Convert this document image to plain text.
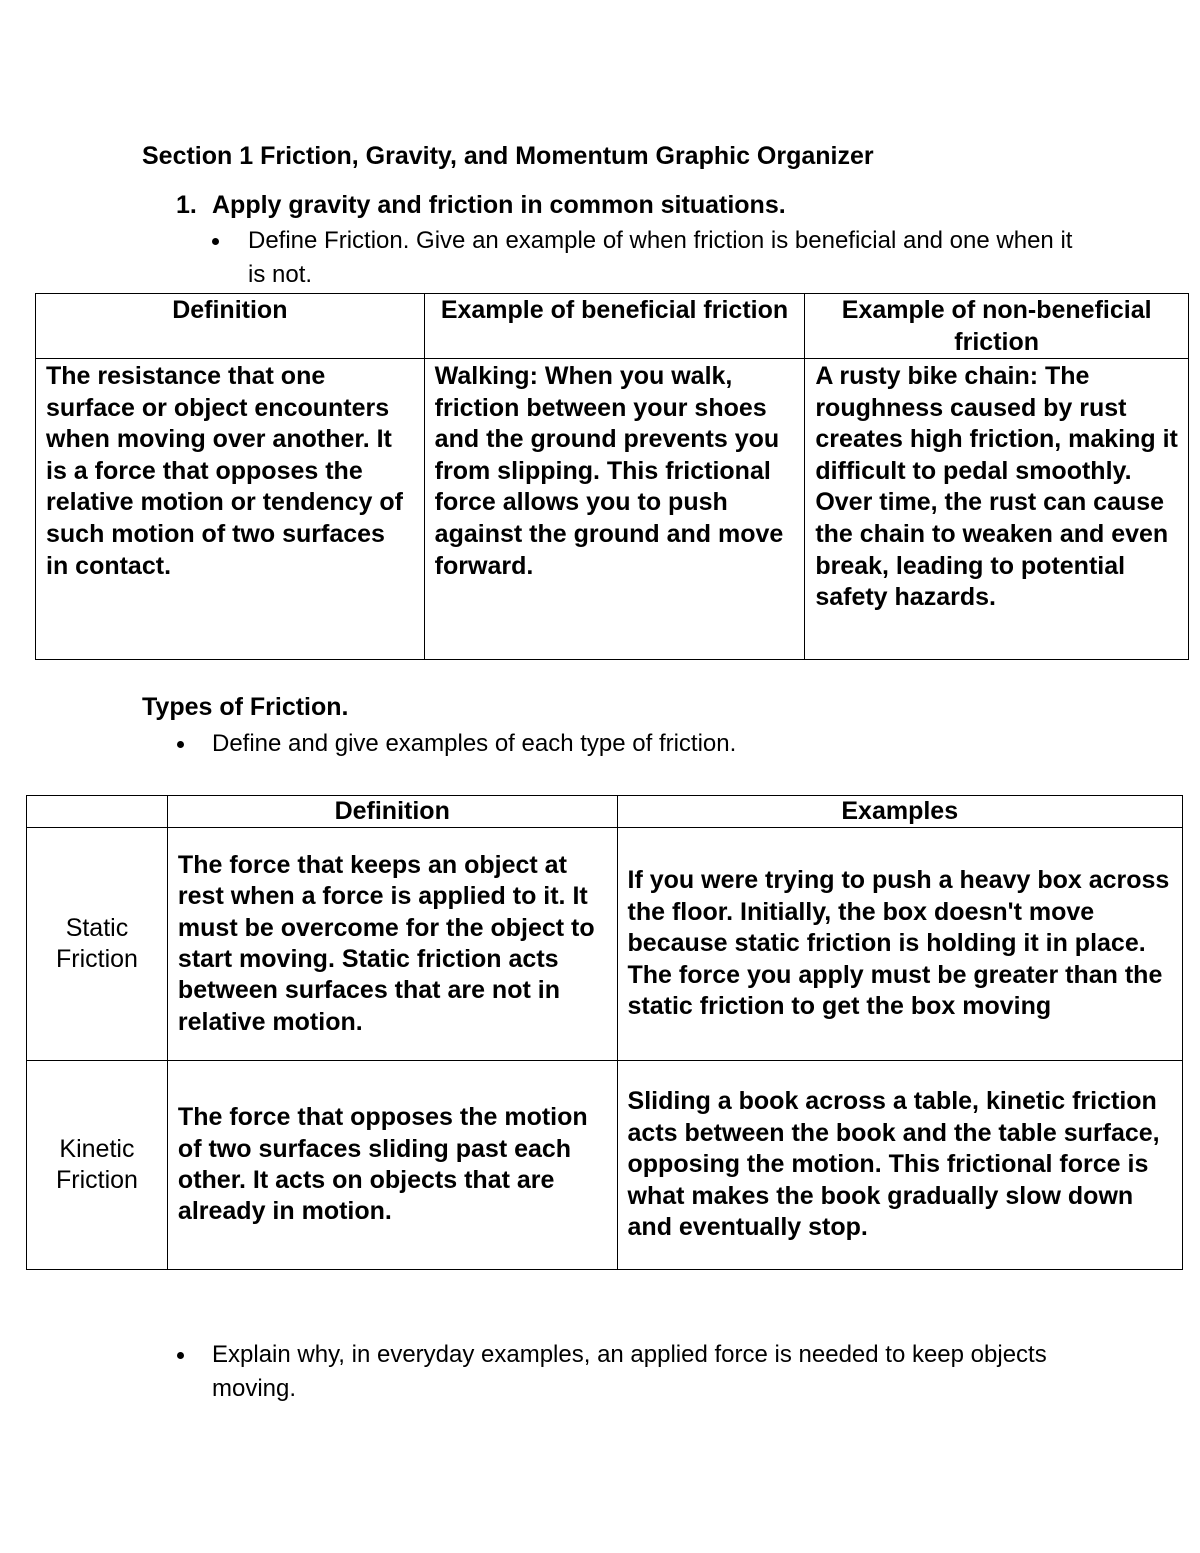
Section 1 Friction, Gravity, and Momentum Graphic Organizer
1. Apply gravity and friction in common situations.
Define Friction. Give an example of when friction is beneficial and one when it is not.
Definition	Example of beneficial friction	Example of non-beneficial friction
The resistance that one surface or object encounters when moving over another. It is a force that opposes the relative motion or tendency of such motion of two surfaces in contact.	Walking: When you walk, friction between your shoes and the ground prevents you from slipping. This frictional force allows you to push against the ground and move forward.	A rusty bike chain: The roughness caused by rust creates high friction, making it difficult to pedal smoothly. Over time, the rust can cause the chain to weaken and even break, leading to potential safety hazards.
Types of Friction.
Define and give examples of each type of friction.
	Definition	Examples

Static Friction	The force that keeps an object at rest when a force is applied to it. It must be overcome for the object to start moving. Static friction acts between surfaces that are not in relative motion.	If you were trying to push a heavy box across the floor. Initially, the box doesn't move because static friction is holding it in place. The force you apply must be greater than the static friction to get the box moving

Kinetic Friction	The force that opposes the motion of two surfaces sliding past each other. It acts on objects that are already in motion.	Sliding a book across a table, kinetic friction acts between the book and the table surface, opposing the motion. This frictional force is what makes the book gradually slow down and eventually stop.
Explain why, in everyday examples, an applied force is needed to keep objects moving.
